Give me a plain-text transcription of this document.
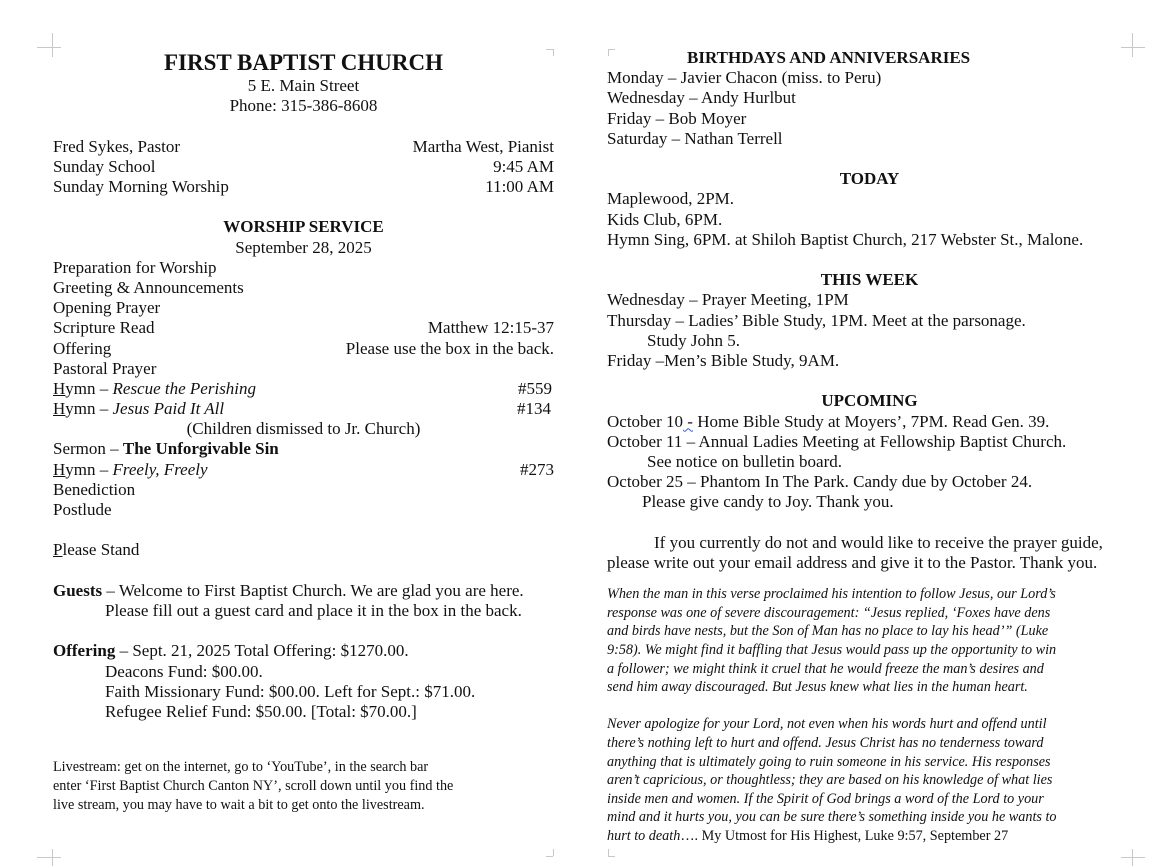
FIRST BAPTIST CHURCH
5 E. Main Street
Phone: 315-386-8608
Fred Sykes, Pastor	Martha West, Pianist
Sunday School	9:45 AM
Sunday Morning Worship	11:00 AM
WORSHIP SERVICE
September 28, 2025
Preparation for Worship
Greeting & Announcements
Opening Prayer
Scripture Read	Matthew 12:15-37
Offering	Please use the box in the back.
Pastoral Prayer
Hymn – Rescue the Perishing	#559
Hymn – Jesus Paid It All	#134
(Children dismissed to Jr. Church)
Sermon – The Unforgivable Sin
Hymn – Freely, Freely	#273
Benediction
Postlude
Please Stand
Guests – Welcome to First Baptist Church. We are glad you are here.
Please fill out a guest card and place it in the box in the back.
Offering – Sept. 21, 2025 Total Offering: $1270.00.
Deacons Fund: $00.00.
Faith Missionary Fund: $00.00. Left for Sept.: $71.00.
Refugee Relief Fund: $50.00. [Total: $70.00.]
Livestream: get on the internet, go to ‘YouTube’, in the search bar
enter ‘First Baptist Church Canton NY’, scroll down until you find the
live stream, you may have to wait a bit to get onto the livestream.
BIRTHDAYS AND ANNIVERSARIES
Monday – Javier Chacon (miss. to Peru)
Wednesday – Andy Hurlbut
Friday – Bob Moyer
Saturday – Nathan Terrell
TODAY
Maplewood, 2PM.
Kids Club, 6PM.
Hymn Sing, 6PM. at Shiloh Baptist Church, 217 Webster St., Malone.
THIS WEEK
Wednesday – Prayer Meeting, 1PM
Thursday – Ladies’ Bible Study, 1PM. Meet at the parsonage.
Study John 5.
Friday –Men’s Bible Study, 9AM.
UPCOMING
October 10 - Home Bible Study at Moyers’, 7PM. Read Gen. 39.
October 11 – Annual Ladies Meeting at Fellowship Baptist Church.
See notice on bulletin board.
October 25 – Phantom In The Park. Candy due by October 24.
Please give candy to Joy. Thank you.
If you currently do not and would like to receive the prayer guide,
please write out your email address and give it to the Pastor. Thank you.
When the man in this verse proclaimed his intention to follow Jesus, our Lord’s
response was one of severe discouragement: “Jesus replied, ‘Foxes have dens
and birds have nests, but the Son of Man has no place to lay his head’” (Luke
9:58). We might find it baffling that Jesus would pass up the opportunity to win
a follower; we might think it cruel that he would freeze the man’s desires and
send him away discouraged. But Jesus knew what lies in the human heart.
Never apologize for your Lord, not even when his words hurt and offend until
there’s nothing left to hurt and offend. Jesus Christ has no tenderness toward
anything that is ultimately going to ruin someone in his service. His responses
aren’t capricious, or thoughtless; they are based on his knowledge of what lies
inside men and women. If the Spirit of God brings a word of the Lord to your
mind and it hurts you, you can be sure there’s something inside you he wants to
hurt to death…. My Utmost for His Highest, Luke 9:57, September 27
